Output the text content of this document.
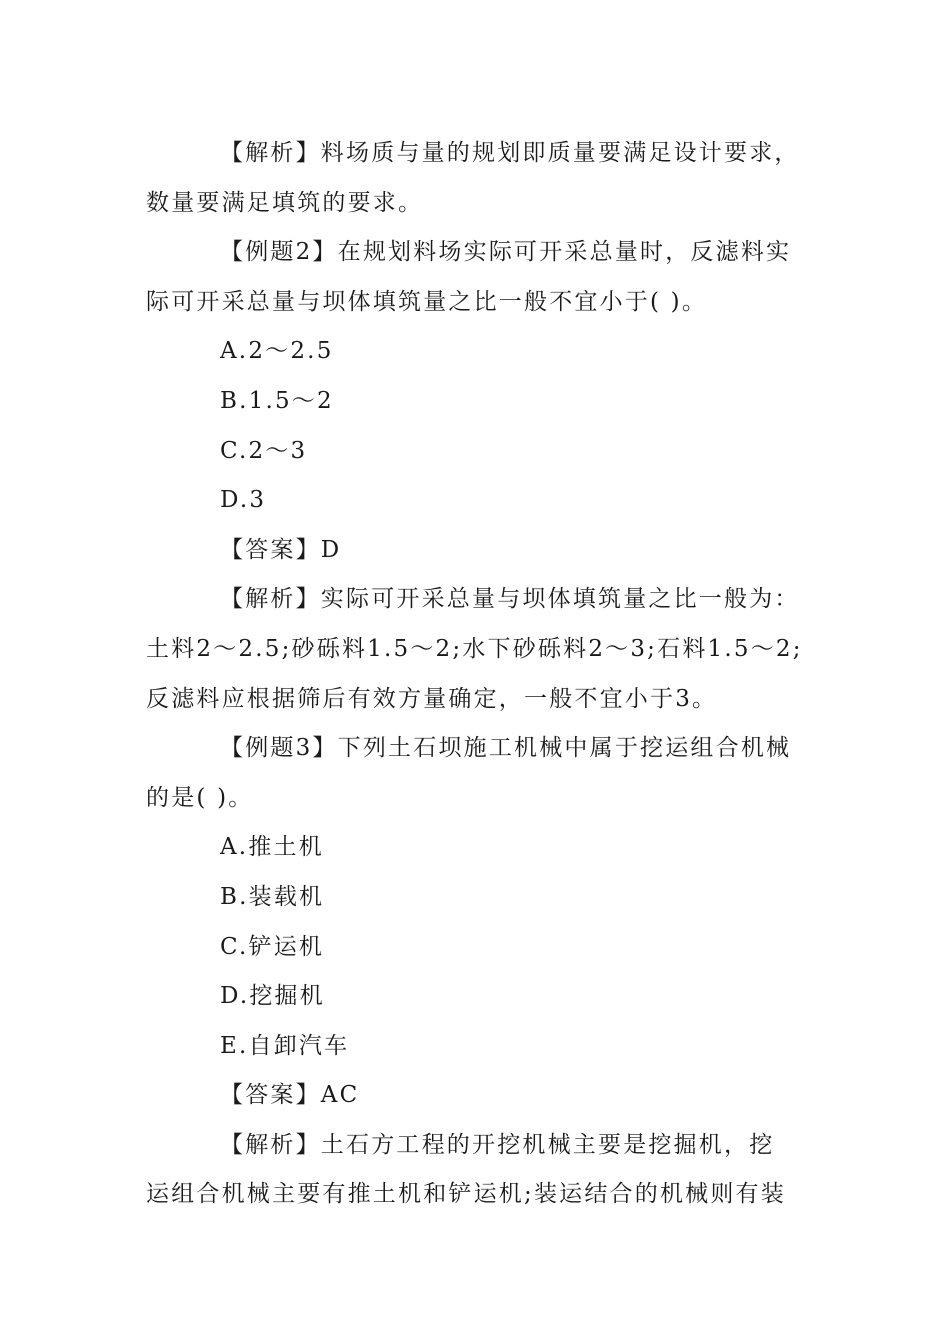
【解析】料场质与量的规划即质量要满足设计要求，
数量要满足填筑的要求。
【例题2】在规划料场实际可开采总量时，反滤料实
际可开采总量与坝体填筑量之比一般不宜小于( )。
A.2～2.5
B.1.5～2
C.2～3
D.3
【答案】D
【解析】实际可开采总量与坝体填筑量之比一般为：
土料2～2.5;砂砾料1.5～2;水下砂砾料2～3;石料1.5～2;
反滤料应根据筛后有效方量确定，一般不宜小于3。
【例题3】下列土石坝施工机械中属于挖运组合机械
的是( )。
A.推土机
B.装载机
C.铲运机
D.挖掘机
E.自卸汽车
【答案】AC
【解析】土石方工程的开挖机械主要是挖掘机，挖
运组合机械主要有推土机和铲运机;装运结合的机械则有装
